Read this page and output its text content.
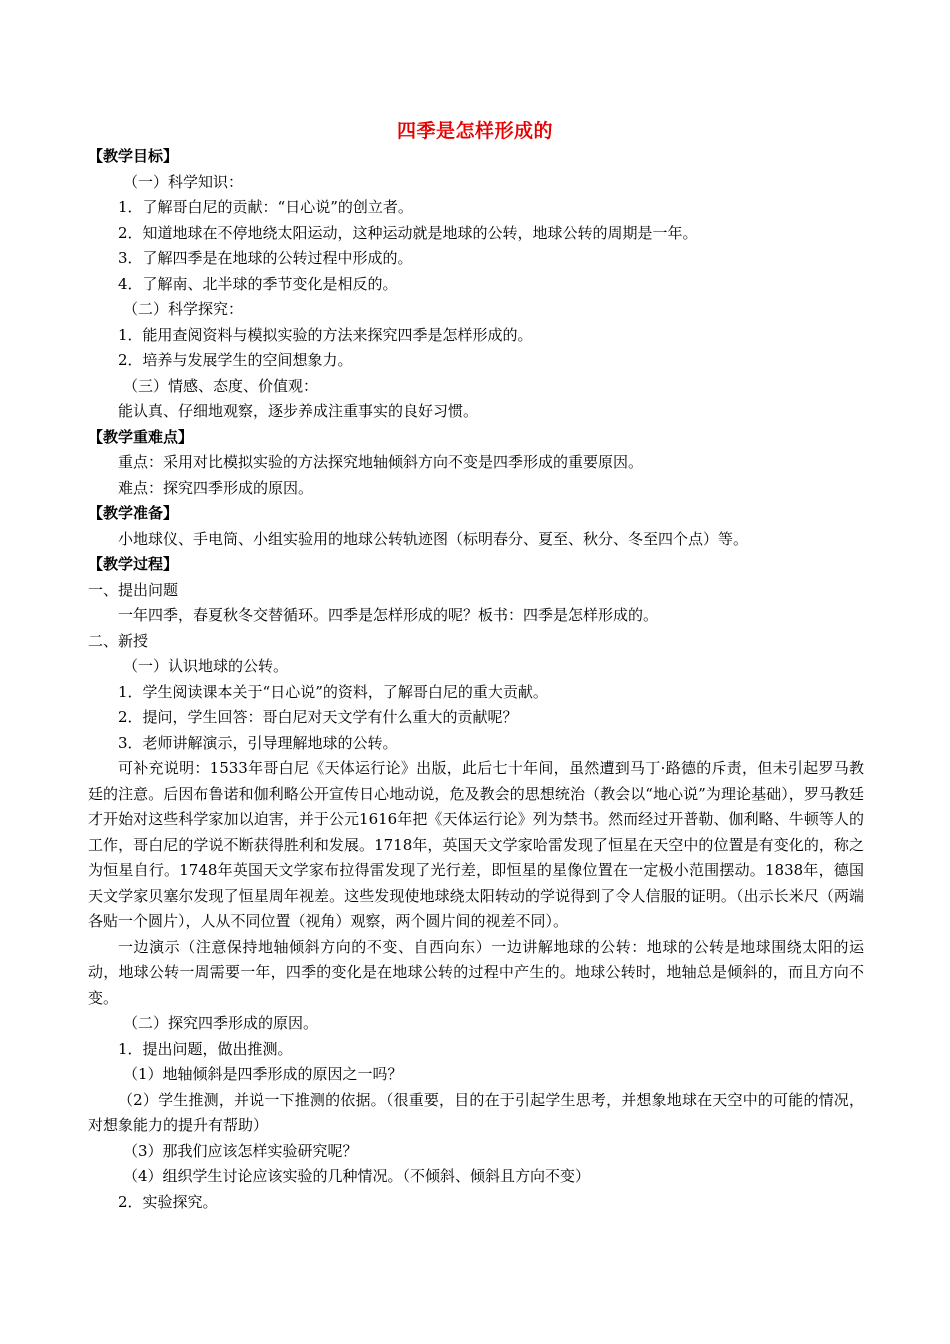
四季是怎样形成的
【教学目标】
（一）科学知识：
1．了解哥白尼的贡献：“日心说”的创立者。
2．知道地球在不停地绕太阳运动，这种运动就是地球的公转，地球公转的周期是一年。
3．了解四季是在地球的公转过程中形成的。
4．了解南、北半球的季节变化是相反的。
（二）科学探究：
1．能用查阅资料与模拟实验的方法来探究四季是怎样形成的。
2．培养与发展学生的空间想象力。
（三）情感、态度、价值观：
能认真、仔细地观察，逐步养成注重事实的良好习惯。
【教学重难点】
重点：采用对比模拟实验的方法探究地轴倾斜方向不变是四季形成的重要原因。
难点：探究四季形成的原因。
【教学准备】
小地球仪、手电筒、小组实验用的地球公转轨迹图（标明春分、夏至、秋分、冬至四个点）等。
【教学过程】
一、提出问题
一年四季，春夏秋冬交替循环。四季是怎样形成的呢？板书：四季是怎样形成的。
二、新授
（一）认识地球的公转。
1．学生阅读课本关于“日心说”的资料，了解哥白尼的重大贡献。
2．提问，学生回答：哥白尼对天文学有什么重大的贡献呢？
3．老师讲解演示，引导理解地球的公转。

可补充说明：1533年哥白尼《天体运行论》出版，此后七十年间，虽然遭到马丁·路德的斥责，但未引起罗马教廷的注意。后因布鲁诺和伽利略公开宣传日心地动说，危及教会的思想统治（教会以“地心说”为理论基础），罗马教廷才开始对这些科学家加以迫害，并于公元1616年把《天体运行论》列为禁书。然而经过开普勒、伽利略、牛顿等人的工作，哥白尼的学说不断获得胜利和发展。1718年，英国天文学家哈雷发现了恒星在天空中的位置是有变化的，称之为恒星自行。1748年英国天文学家布拉得雷发现了光行差，即恒星的星像位置在一定极小范围摆动。1838年，德国天文学家贝塞尔发现了恒星周年视差。这些发现使地球绕太阳转动的学说得到了令人信服的证明。（出示长米尺（两端各贴一个圆片），人从不同位置（视角）观察，两个圆片间的视差不同）。

一边演示（注意保持地轴倾斜方向的不变、自西向东）一边讲解地球的公转：地球的公转是地球围绕太阳的运动，地球公转一周需要一年，四季的变化是在地球公转的过程中产生的。地球公转时，地轴总是倾斜的，而且方向不变。

（二）探究四季形成的原因。
1．提出问题，做出推测。
（1）地轴倾斜是四季形成的原因之一吗？

（2）学生推测，并说一下推测的依据。（很重要，目的在于引起学生思考，并想象地球在天空中的可能的情况，对想象能力的提升有帮助）

（3）那我们应该怎样实验研究呢？
（4）组织学生讨论应该实验的几种情况。（不倾斜、倾斜且方向不变）
2．实验探究。
